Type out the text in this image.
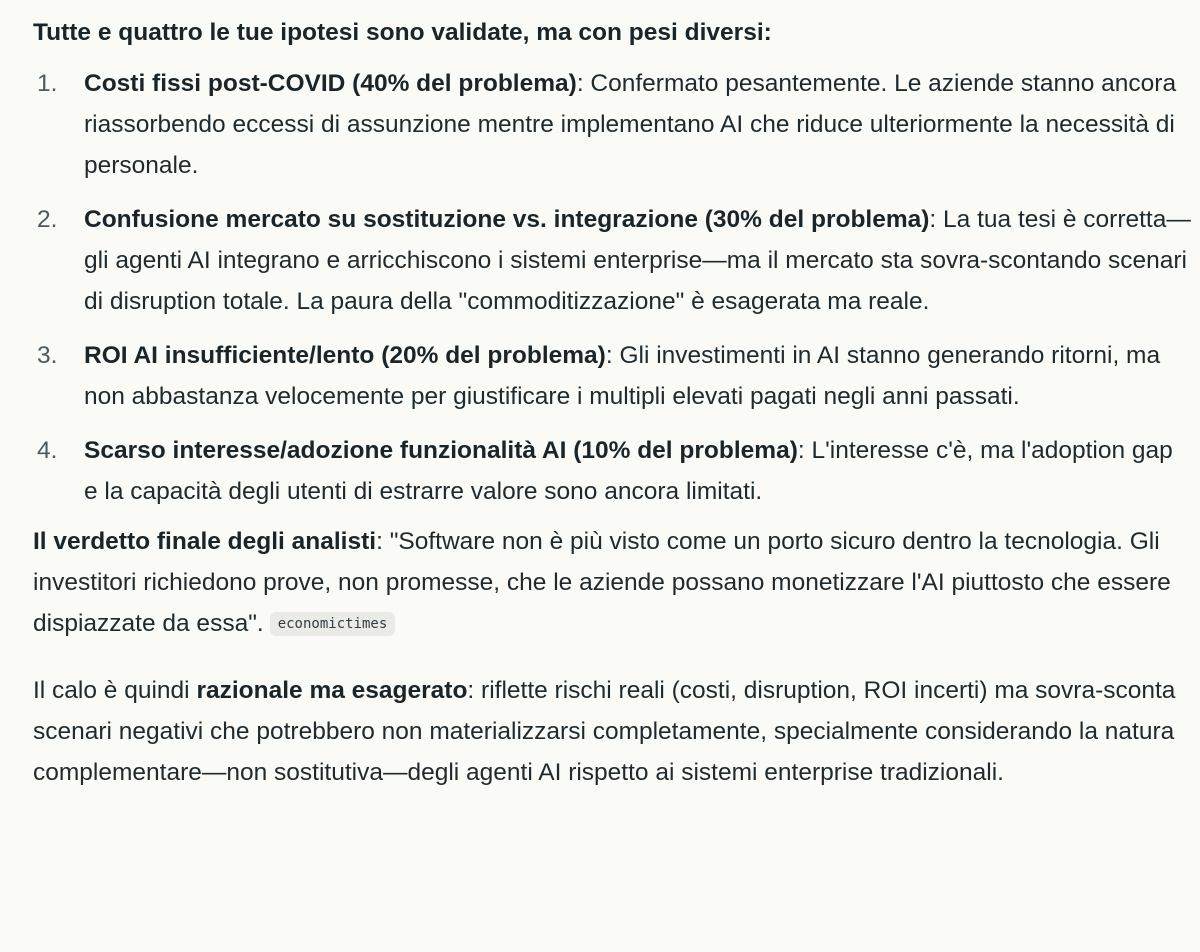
Tutte e quattro le tue ipotesi sono validate, ma con pesi diversi:

1. Costi fissi post-COVID (40% del problema): Confermato pesantemente. Le aziende stanno ancora riassorbendo eccessi di assunzione mentre implementano AI che riduce ulteriormente la necessità di personale.
2. Confusione mercato su sostituzione vs. integrazione (30% del problema): La tua tesi è corretta—gli agenti AI integrano e arricchiscono i sistemi enterprise—ma il mercato sta sovra-scontando scenari di disruption totale. La paura della "commoditizzazione" è esagerata ma reale.
3. ROI AI insufficiente/lento (20% del problema): Gli investimenti in AI stanno generando ritorni, ma non abbastanza velocemente per giustificare i multipli elevati pagati negli anni passati.
4. Scarso interesse/adozione funzionalità AI (10% del problema): L'interesse c'è, ma l'adoption gap e la capacità degli utenti di estrarre valore sono ancora limitati.

Il verdetto finale degli analisti: "Software non è più visto come un porto sicuro dentro la tecnologia. Gli investitori richiedono prove, non promesse, che le aziende possano monetizzare l'AI piuttosto che essere dispiazzate da essa". economictimes

Il calo è quindi razionale ma esagerato: riflette rischi reali (costi, disruption, ROI incerti) ma sovra-sconta scenari negativi che potrebbero non materializzarsi completamente, specialmente considerando la natura complementare—non sostitutiva—degli agenti AI rispetto ai sistemi enterprise tradizionali.
